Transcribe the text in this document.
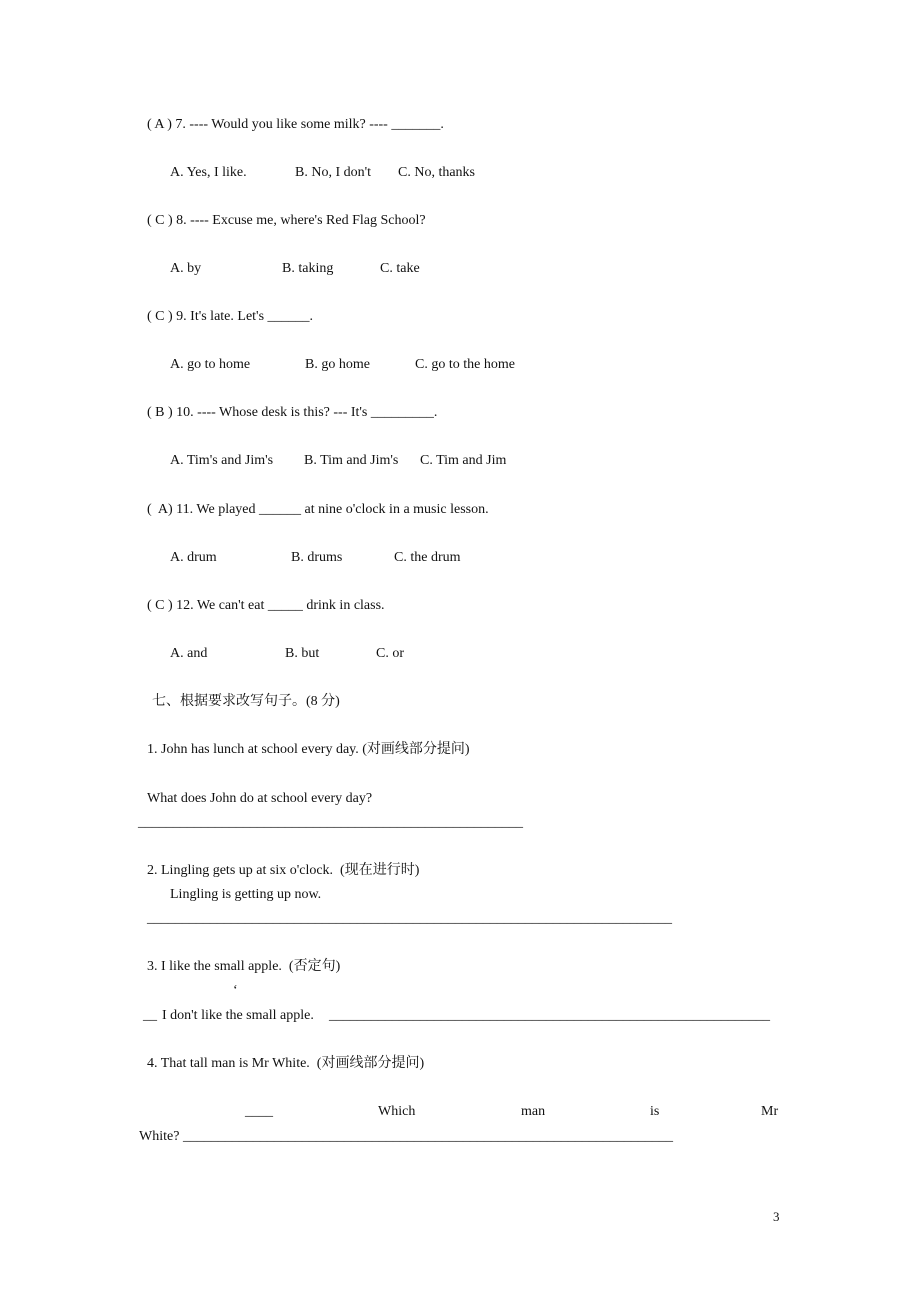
( A ) 7. ---- Would you like some milk? ---- _______.
A. Yes, I like.	B. No, I don't C. No, thanks
( C ) 8. ---- Excuse me, where's Red Flag School?
A. by	B. taking	C. take
( C ) 9. It's late. Let's ______.
A. go to home	B. go home	C. go to the home
( B ) 10. ---- Whose desk is this? --- It's _________.
A. Tim's and Jim's B. Tim and Jim's C. Tim and Jim
(  A) 11. We played ______ at nine o'clock in a music lesson.
A. drum	B. drums	C. the drum
( C ) 12. We can't eat _____ drink in class.
A. and	B. but	C. or
七、根据要求改写句子。(8 分)
1. John has lunch at school every day. (对画线部分提问)
What does John do at school every day?
_______________________________________________________
2. Lingling gets up at six o'clock.  (现在进行时)
Lingling is getting up now.
___________________________________________________________________________
3. I like the small apple.  (否定句)
‘
__ I don't like the small apple. _______________________________________________________________
4. That tall man is Mr White.  (对画线部分提问)
____	Which	man	is	Mr
White? ______________________________________________________________________
3
